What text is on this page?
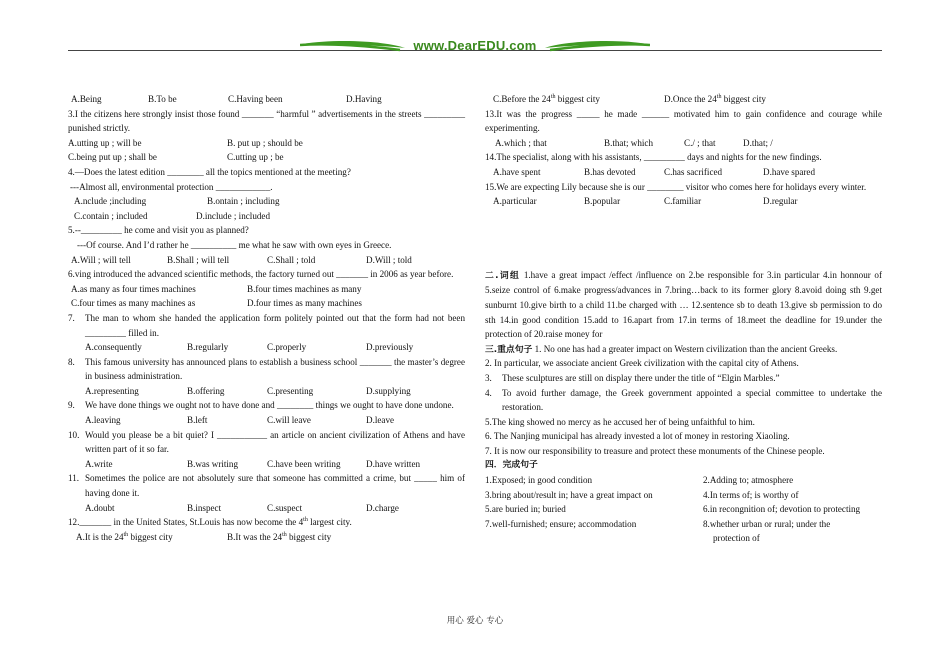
www.DearEDU.com
A.Being	B.To be	C.Having been	D.Having
3.I the citizens here strongly insist those found _______ “harmful ” advertisements in the streets _________ punished strictly.
A.utting up ; will be	B. put up ; should be
C.being put up ; shall be	C.utting up ; be
4.—Does the latest edition ________ all the topics mentioned at the meeting?
---Almost all, environmental protection ____________.
A.nclude ;including	B.ontain ; including
C.contain ; included	D.include ; included
5.--_________ he come and visit you as planned?
---Of course. And I’d rather he __________ me what he saw with own eyes in Greece.
A.Will ; will tell	B.Shall ; will tell	C.Shall ; told	D.Will ; told
6.ving introduced the advanced scientific methods, the factory turned out _______ in 2006 as year before.
A.as many as four times machines	B.four times machines as many
C.four times as many machines as	D.four times as many machines
7.	The man to whom she handed the application form politely pointed out that the form had not been _________ filled in.
A.consequently	B.regularly	C.properly	D.previously
8.	This famous university has announced plans to establish a business school _______ the master’s degree in business administration.
A.representing	B.offering	C.presenting	D.supplying
9.	We have done things we ought not to have done and ________ things we ought to have done undone.
A.leaving	B.left	C.will leave	D.leave
10. Would you please be a bit quiet? I ___________ an article on ancient civilization of Athens and have written part of it so far.
A.write	B.was writing	C.have been writing	D.have written
11. Sometimes the police are not absolutely sure that someone has committed a crime, but _____ him of having done it.
A.doubt	B.inspect	C.suspect	D.charge
12._______ in the United States, St.Louis has now become the 4th largest city.
A.It is the 24th biggest city	B.It was the 24th biggest city
C.Before the 24th biggest city	D.Once the 24th biggest city
13.It was the progress _____ he made ______ motivated him to gain confidence and courage while experimenting.
A.which ; that	B.that; which	C./ ; that	D.that; /
14.The specialist, along with his assistants, _________ days and nights for the new findings.
A.have spent	B.has devoted	C.has sacrificed	D.have spared
15.We are expecting Lily because she is our ________ visitor who comes here for holidays every winter.
A.particular	B.popular	C.familiar	D.regular
二.词组 1.have a great impact /effect /influence on 2.be responsible for 3.in particular 4.in honnour of 5.seize control of 6.make progress/advances in 7.bring…back to its former glory 8.avoid doing sth 9.get sunburnt 10.give birth to a child 11.be charged with … 12.sentence sb to death 13.give sb permission to do sth 14.in good condition 15.add to 16.apart from 17.in terms of 18.meet the deadline for 19.under the protection of 20.raise money for
三.重点句子 1. No one has had a greater impact on Western civilization than the ancient Greeks.
2. In particular, we associate ancient Greek civilization with the capital city of Athens.
3.	These sculptures are still on display there under the title of “Elgin Marbles.”
4.	To avoid further damage, the Greek government appointed a special committee to undertake the restoration.
5.The king showed no mercy as he accused her of being unfaithful to him.
6. The Nanjing municipal has already invested a lot of money in restoring Xiaoling.
7. It is now our responsibility to treasure and protect these monuments of the Chinese people.
四．完成句子
1.Exposed; in good condition	2.Adding to; atmosphere
3.bring about/result in; have a great impact on	4.In terms of; is worthy of
5.are buried in; buried	6.in recongnition of; devotion to protecting
7.well-furnished; ensure; accommodation	8.whether urban or rural; under the
protection of
用心 爱心 专心
